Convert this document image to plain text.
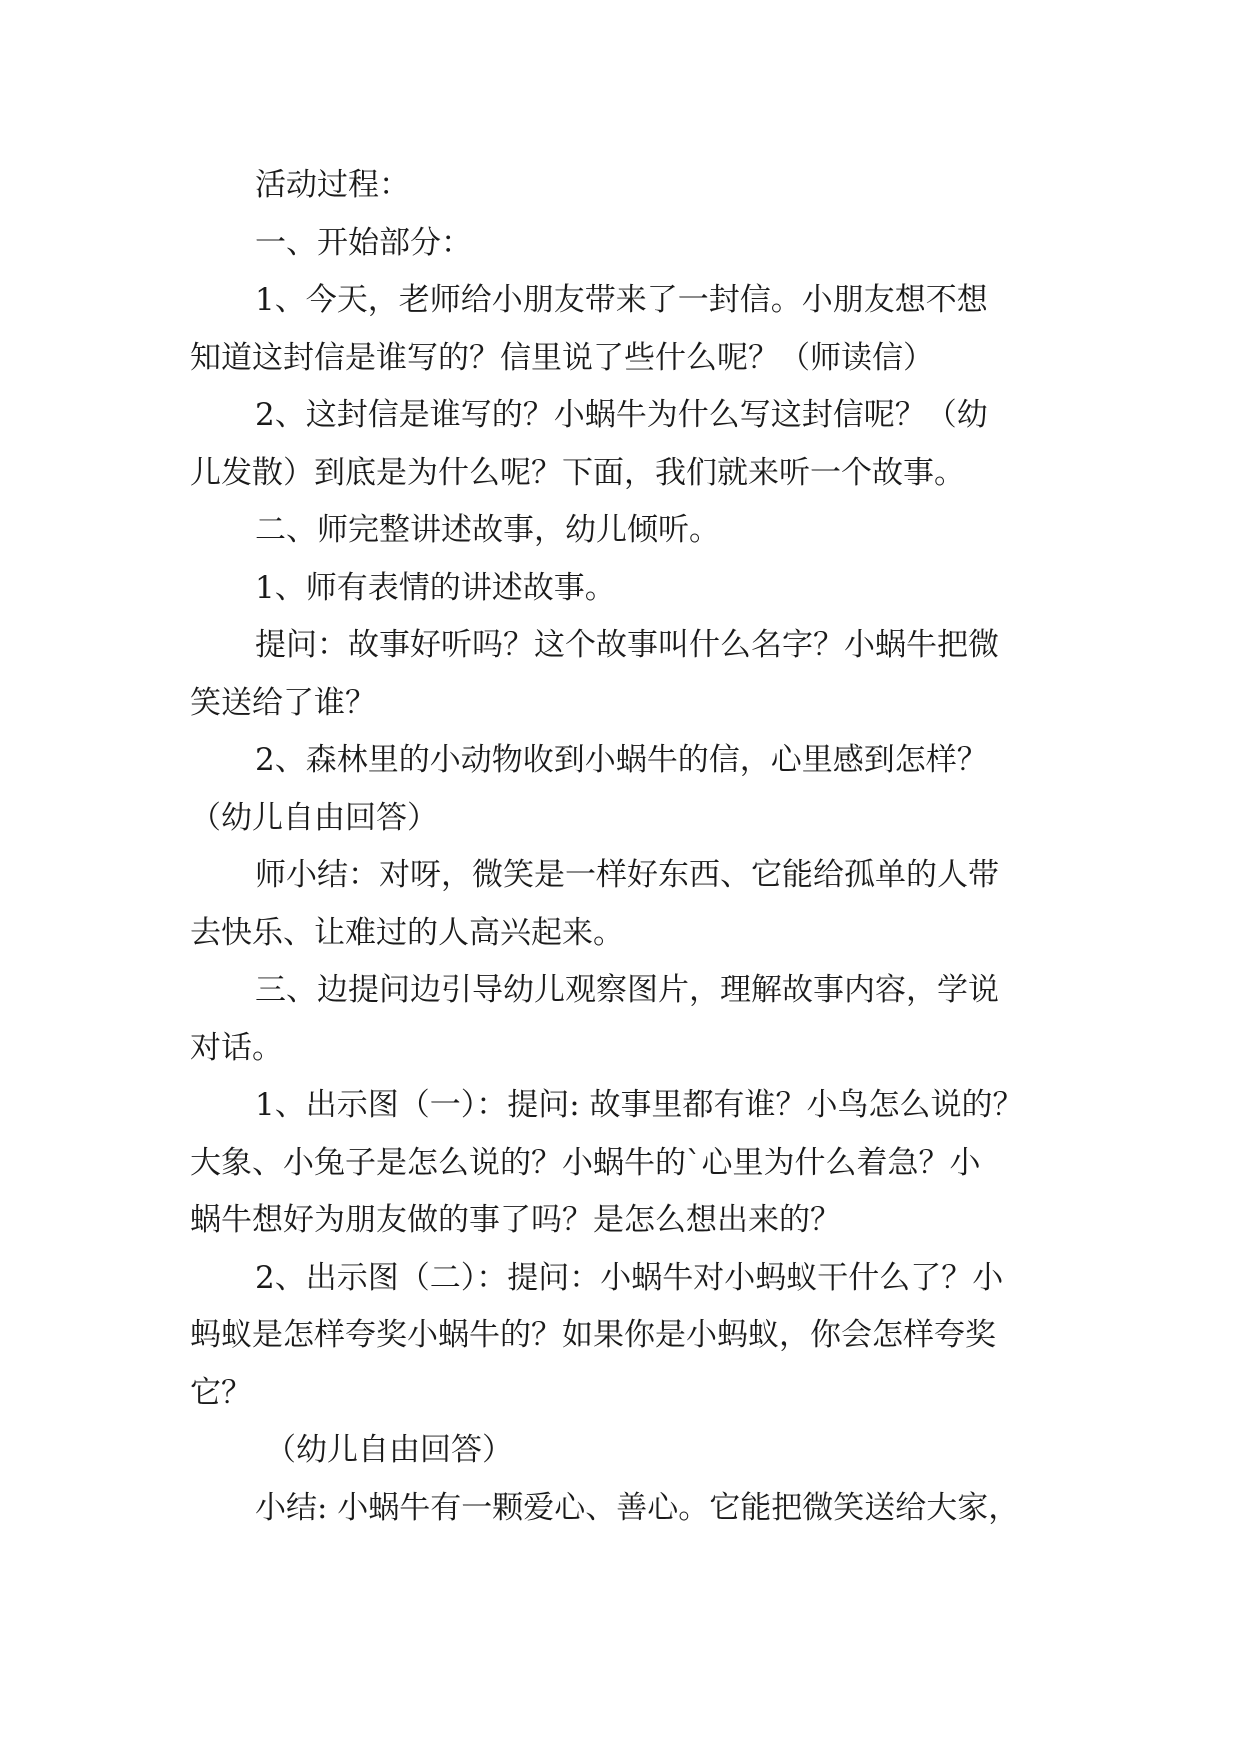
活动过程：
一、开始部分：
1、今天，老师给小朋友带来了一封信。小朋友想不想
知道这封信是谁写的？信里说了些什么呢？（师读信）
2、这封信是谁写的？小蜗牛为什么写这封信呢？（幼
儿发散）到底是为什么呢？下面，我们就来听一个故事。
二、师完整讲述故事，幼儿倾听。
1、师有表情的讲述故事。
提问：故事好听吗？这个故事叫什么名字？小蜗牛把微
笑送给了谁？
2、森林里的小动物收到小蜗牛的信，心里感到怎样？
（幼儿自由回答）
师小结：对呀，微笑是一样好东西、它能给孤单的人带
去快乐、让难过的人高兴起来。
三、边提问边引导幼儿观察图片，理解故事内容，学说
对话。
1、出示图（一）：提问: 故事里都有谁？小鸟怎么说的？
大象、小兔子是怎么说的？小蜗牛的`心里为什么着急？小
蜗牛想好为朋友做的事了吗？是怎么想出来的？
2、出示图（二）：提问：小蜗牛对小蚂蚁干什么了？小
蚂蚁是怎样夸奖小蜗牛的？如果你是小蚂蚁，你会怎样夸奖
它？
（幼儿自由回答）
小结: 小蜗牛有一颗爱心、善心。它能把微笑送给大家，
